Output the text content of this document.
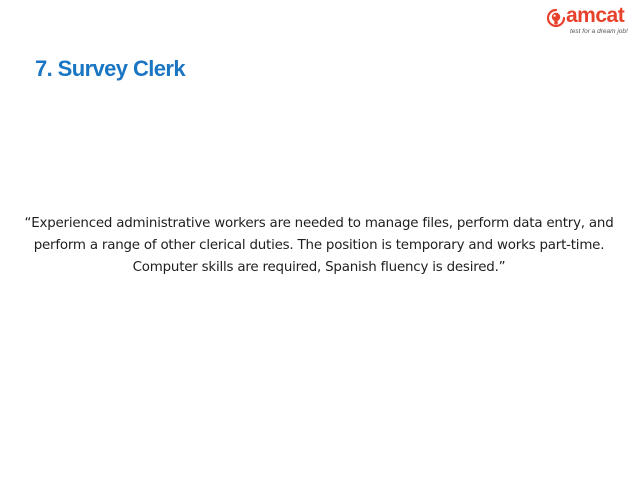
amcat
test for a dream job!
7. Survey Clerk

“Experienced administrative workers are needed to manage files, perform data entry, and perform a range of other clerical duties. The position is temporary and works part-time. Computer skills are required, Spanish fluency is desired.”
